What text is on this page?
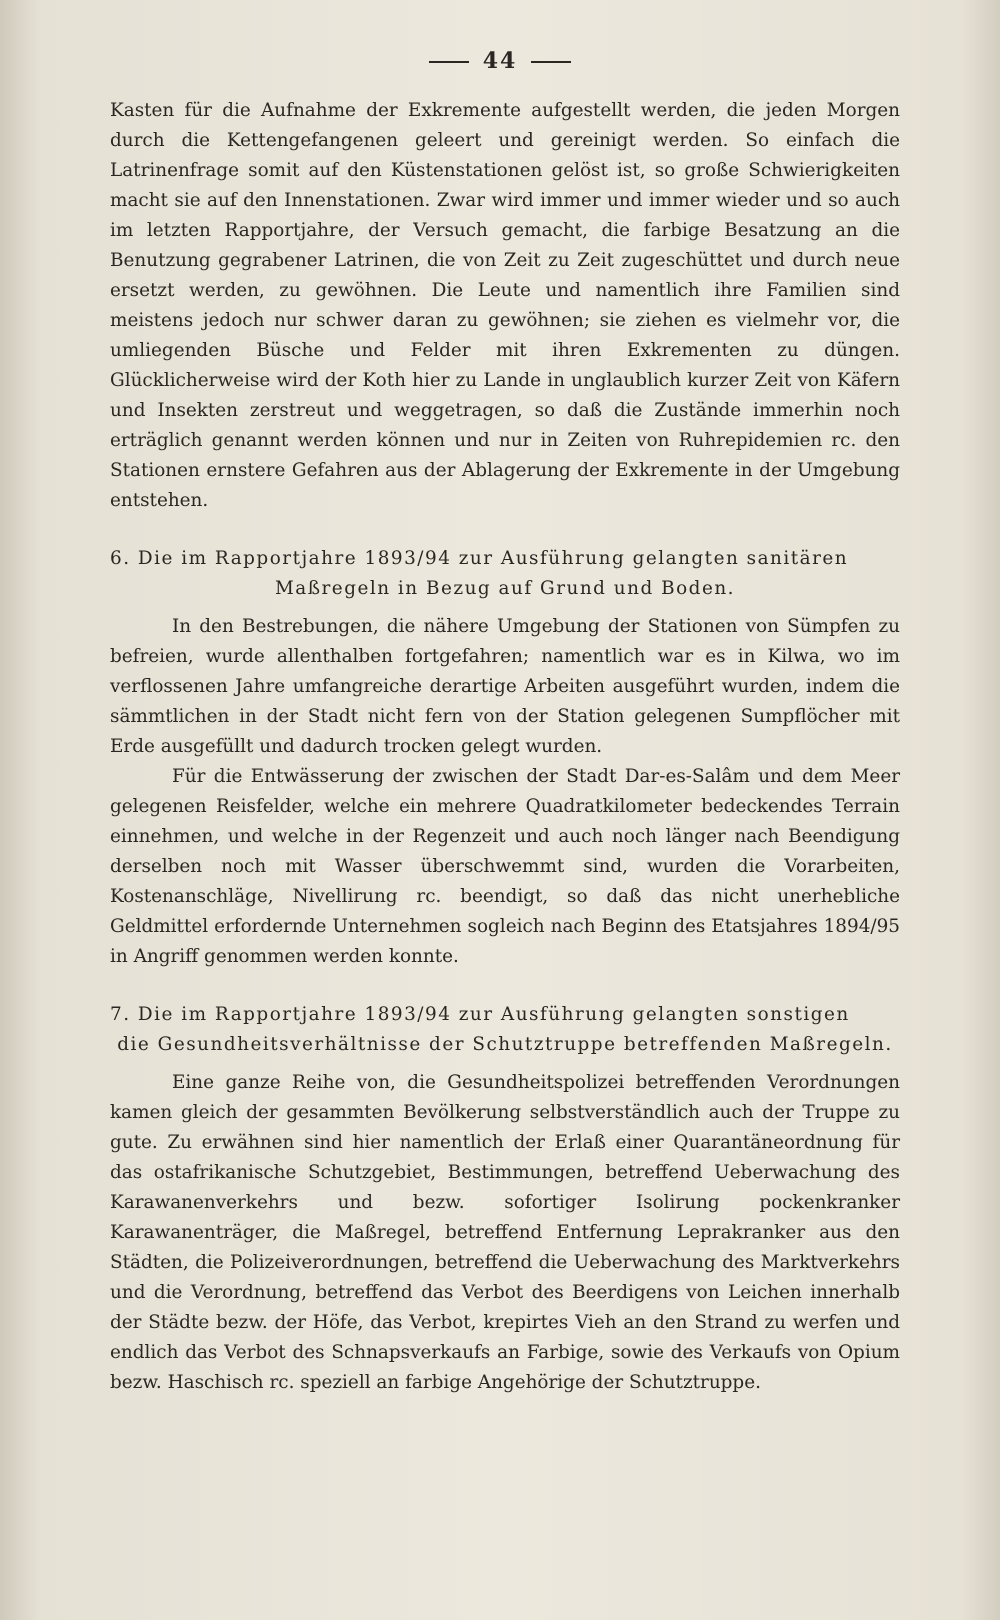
44

Kasten für die Aufnahme der Exkremente aufgestellt werden, die jeden Morgen durch die Kettengefangenen geleert und gereinigt werden. So einfach die Latrinenfrage somit auf den Küstenstationen gelöst ist, so große Schwierigkeiten macht sie auf den Innenstationen. Zwar wird immer und immer wieder und so auch im letzten Rapportjahre, der Versuch gemacht, die farbige Besatzung an die Benutzung gegrabener Latrinen, die von Zeit zu Zeit zugeschüttet und durch neue ersetzt werden, zu gewöhnen. Die Leute und namentlich ihre Familien sind meistens jedoch nur schwer daran zu gewöhnen; sie ziehen es vielmehr vor, die umliegenden Büsche und Felder mit ihren Exkrementen zu düngen. Glücklicherweise wird der Koth hier zu Lande in unglaublich kurzer Zeit von Käfern und Insekten zerstreut und weggetragen, so daß die Zustände immerhin noch erträglich genannt werden können und nur in Zeiten von Ruhrepidemien rc. den Stationen ernstere Gefahren aus der Ablagerung der Exkremente in der Umgebung entstehen.

6. Die im Rapportjahre 1893/94 zur Ausführung gelangten sanitären
Maßregeln in Bezug auf Grund und Boden.

In den Bestrebungen, die nähere Umgebung der Stationen von Sümpfen zu befreien, wurde allenthalben fortgefahren; namentlich war es in Kilwa, wo im verflossenen Jahre umfangreiche derartige Arbeiten ausgeführt wurden, indem die sämmtlichen in der Stadt nicht fern von der Station gelegenen Sumpflöcher mit Erde ausgefüllt und dadurch trocken gelegt wurden.

Für die Entwässerung der zwischen der Stadt Dar-es-Salâm und dem Meer gelegenen Reisfelder, welche ein mehrere Quadratkilometer bedeckendes Terrain einnehmen, und welche in der Regenzeit und auch noch länger nach Beendigung derselben noch mit Wasser überschwemmt sind, wurden die Vorarbeiten, Kostenanschläge, Nivellirung rc. beendigt, so daß das nicht unerhebliche Geldmittel erfordernde Unternehmen sogleich nach Beginn des Etatsjahres 1894/95 in Angriff genommen werden konnte.

7. Die im Rapportjahre 1893/94 zur Ausführung gelangten sonstigen
die Gesundheitsverhältnisse der Schutztruppe betreffenden Maßregeln.

Eine ganze Reihe von, die Gesundheitspolizei betreffenden Verordnungen kamen gleich der gesammten Bevölkerung selbstverständlich auch der Truppe zu gute. Zu erwähnen sind hier namentlich der Erlaß einer Quarantäneordnung für das ostafrikanische Schutzgebiet, Bestimmungen, betreffend Ueberwachung des Karawanenverkehrs und bezw. sofortiger Isolirung pockenkranker Karawanenträger, die Maßregel, betreffend Entfernung Leprakranker aus den Städten, die Polizeiverordnungen, betreffend die Ueberwachung des Marktverkehrs und die Verordnung, betreffend das Verbot des Beerdigens von Leichen innerhalb der Städte bezw. der Höfe, das Verbot, krepirtes Vieh an den Strand zu werfen und endlich das Verbot des Schnapsverkaufs an Farbige, sowie des Verkaufs von Opium bezw. Haschisch rc. speziell an farbige Angehörige der Schutztruppe.
